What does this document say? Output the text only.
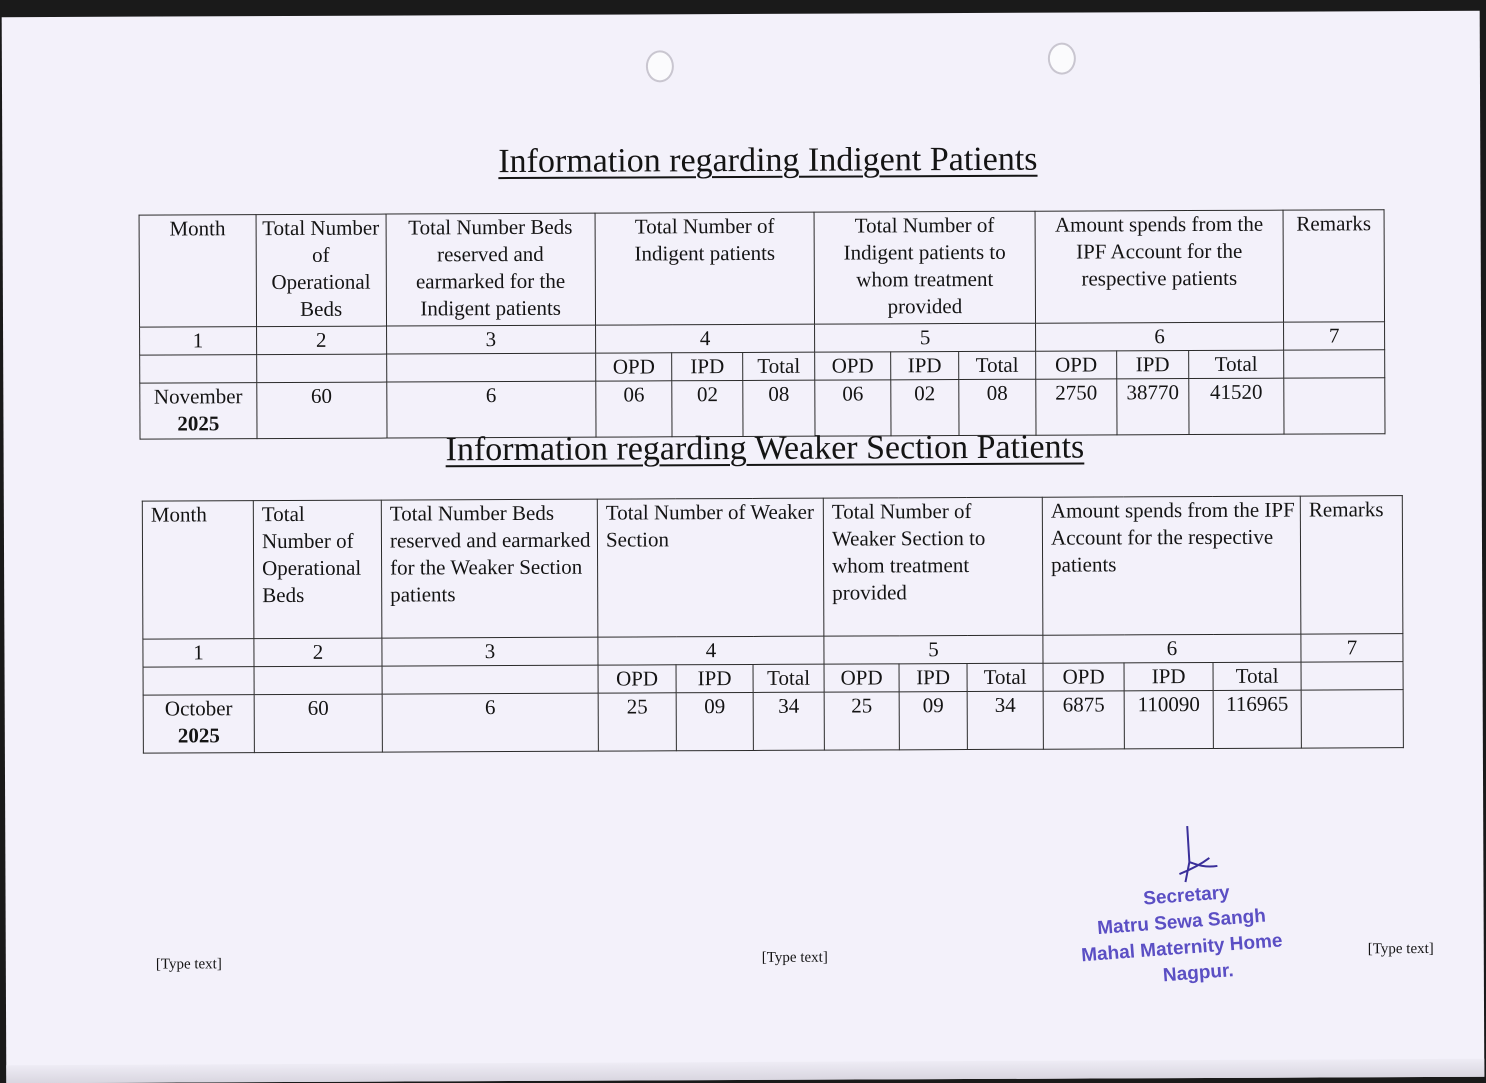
Information regarding Indigent Patients
Month	Total Number of Operational Beds	Total Number Beds reserved and earmarked for the Indigent patients	Total Number of Indigent patients			Total Number of Indigent patients to whom treatment provided			Amount spends from the IPF Account for the respective patients			Remarks
1	2	3	4			5			6			7
			OPD	IPD	Total	OPD	IPD	Total	OPD	IPD	Total	

November
2025	60	6	06	02	08	06	02	08	2750	38770	41520	
Information regarding Weaker Section Patients
Month	Total Number of Operational Beds	Total Number Beds reserved and earmarked for the Weaker Section patients	Total Number of Weaker Section			Total Number of Weaker Section to whom treatment provided			Amount spends from the IPF Account for the respective patients			Remarks
1	2	3	4			5			6			7
			OPD	IPD	Total	OPD	IPD	Total	OPD	IPD	Total	

October
2025	60	6	25	09	34	25	09	34	6875	110090	116965	
Secretary
Matru Sewa Sangh
Mahal Maternity Home
Nagpur.
[Type text]	[Type text]
[Type text]
